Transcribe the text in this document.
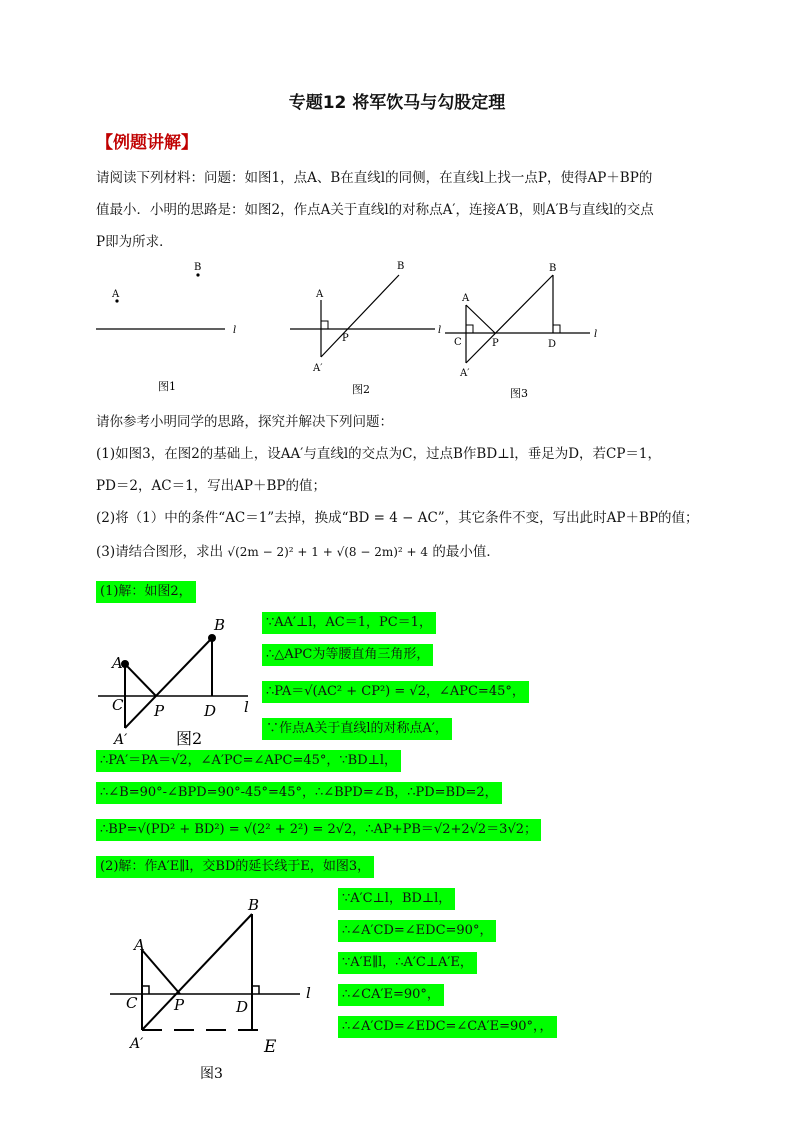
专题12 将军饮马与勾股定理
【例题讲解】
请阅读下列材料：问题：如图1，点A、B在直线l的同侧，在直线l上找一点P，使得AP＋BP的
值最小．小明的思路是：如图2，作点A关于直线l的对称点A′，连接A′B，则A′B与直线l的交点
P即为所求．
B
A
l
图1
B
A
P
A′
l
图2
B
A
C	P	D
A′
l
图3
请你参考小明同学的思路，探究并解决下列问题：
(1)如图3，在图2的基础上，设AA′与直线l的交点为C，过点B作BD⊥l，垂足为D，若CP＝1，
PD＝2，AC＝1，写出AP＋BP的值；
(2)将（1）中的条件“AC＝1”去掉，换成“BD = 4 − AC”，其它条件不变，写出此时AP＋BP的值；
(3)请结合图形，求出 √(2m − 2)² + 1 + √(8 − 2m)² + 4 的最小值．
(1)解：如图2，
B
A
C P	D l
A′	图2
∵AA′⊥l，AC＝1，PC＝1，
∴△APC为等腰直角三角形，
∴PA＝√(AC² + CP²) = √2，∠APC=45°，
∵作点A关于直线l的对称点A′，
∴PA′＝PA＝√2，∠A′PC=∠APC=45°，∵BD⊥l，
∴∠B=90°-∠BPD=90°-45°=45°，∴∠BPD=∠B，∴PD=BD=2，
∴BP=√(PD² + BD²) = √(2² + 2²) = 2√2，∴AP+PB＝√2+2√2＝3√2；
(2)解：作A′E∥l，交BD的延长线于E，如图3，
B
A
C P	D
l
A′	E
图3
∵A′C⊥l，BD⊥l，
∴∠A′CD=∠EDC=90°，
∵A′E∥l，∴A′C⊥A′E，
∴∠CA′E=90°，
∴∠A′CD=∠EDC=∠CA′E=90°，，
